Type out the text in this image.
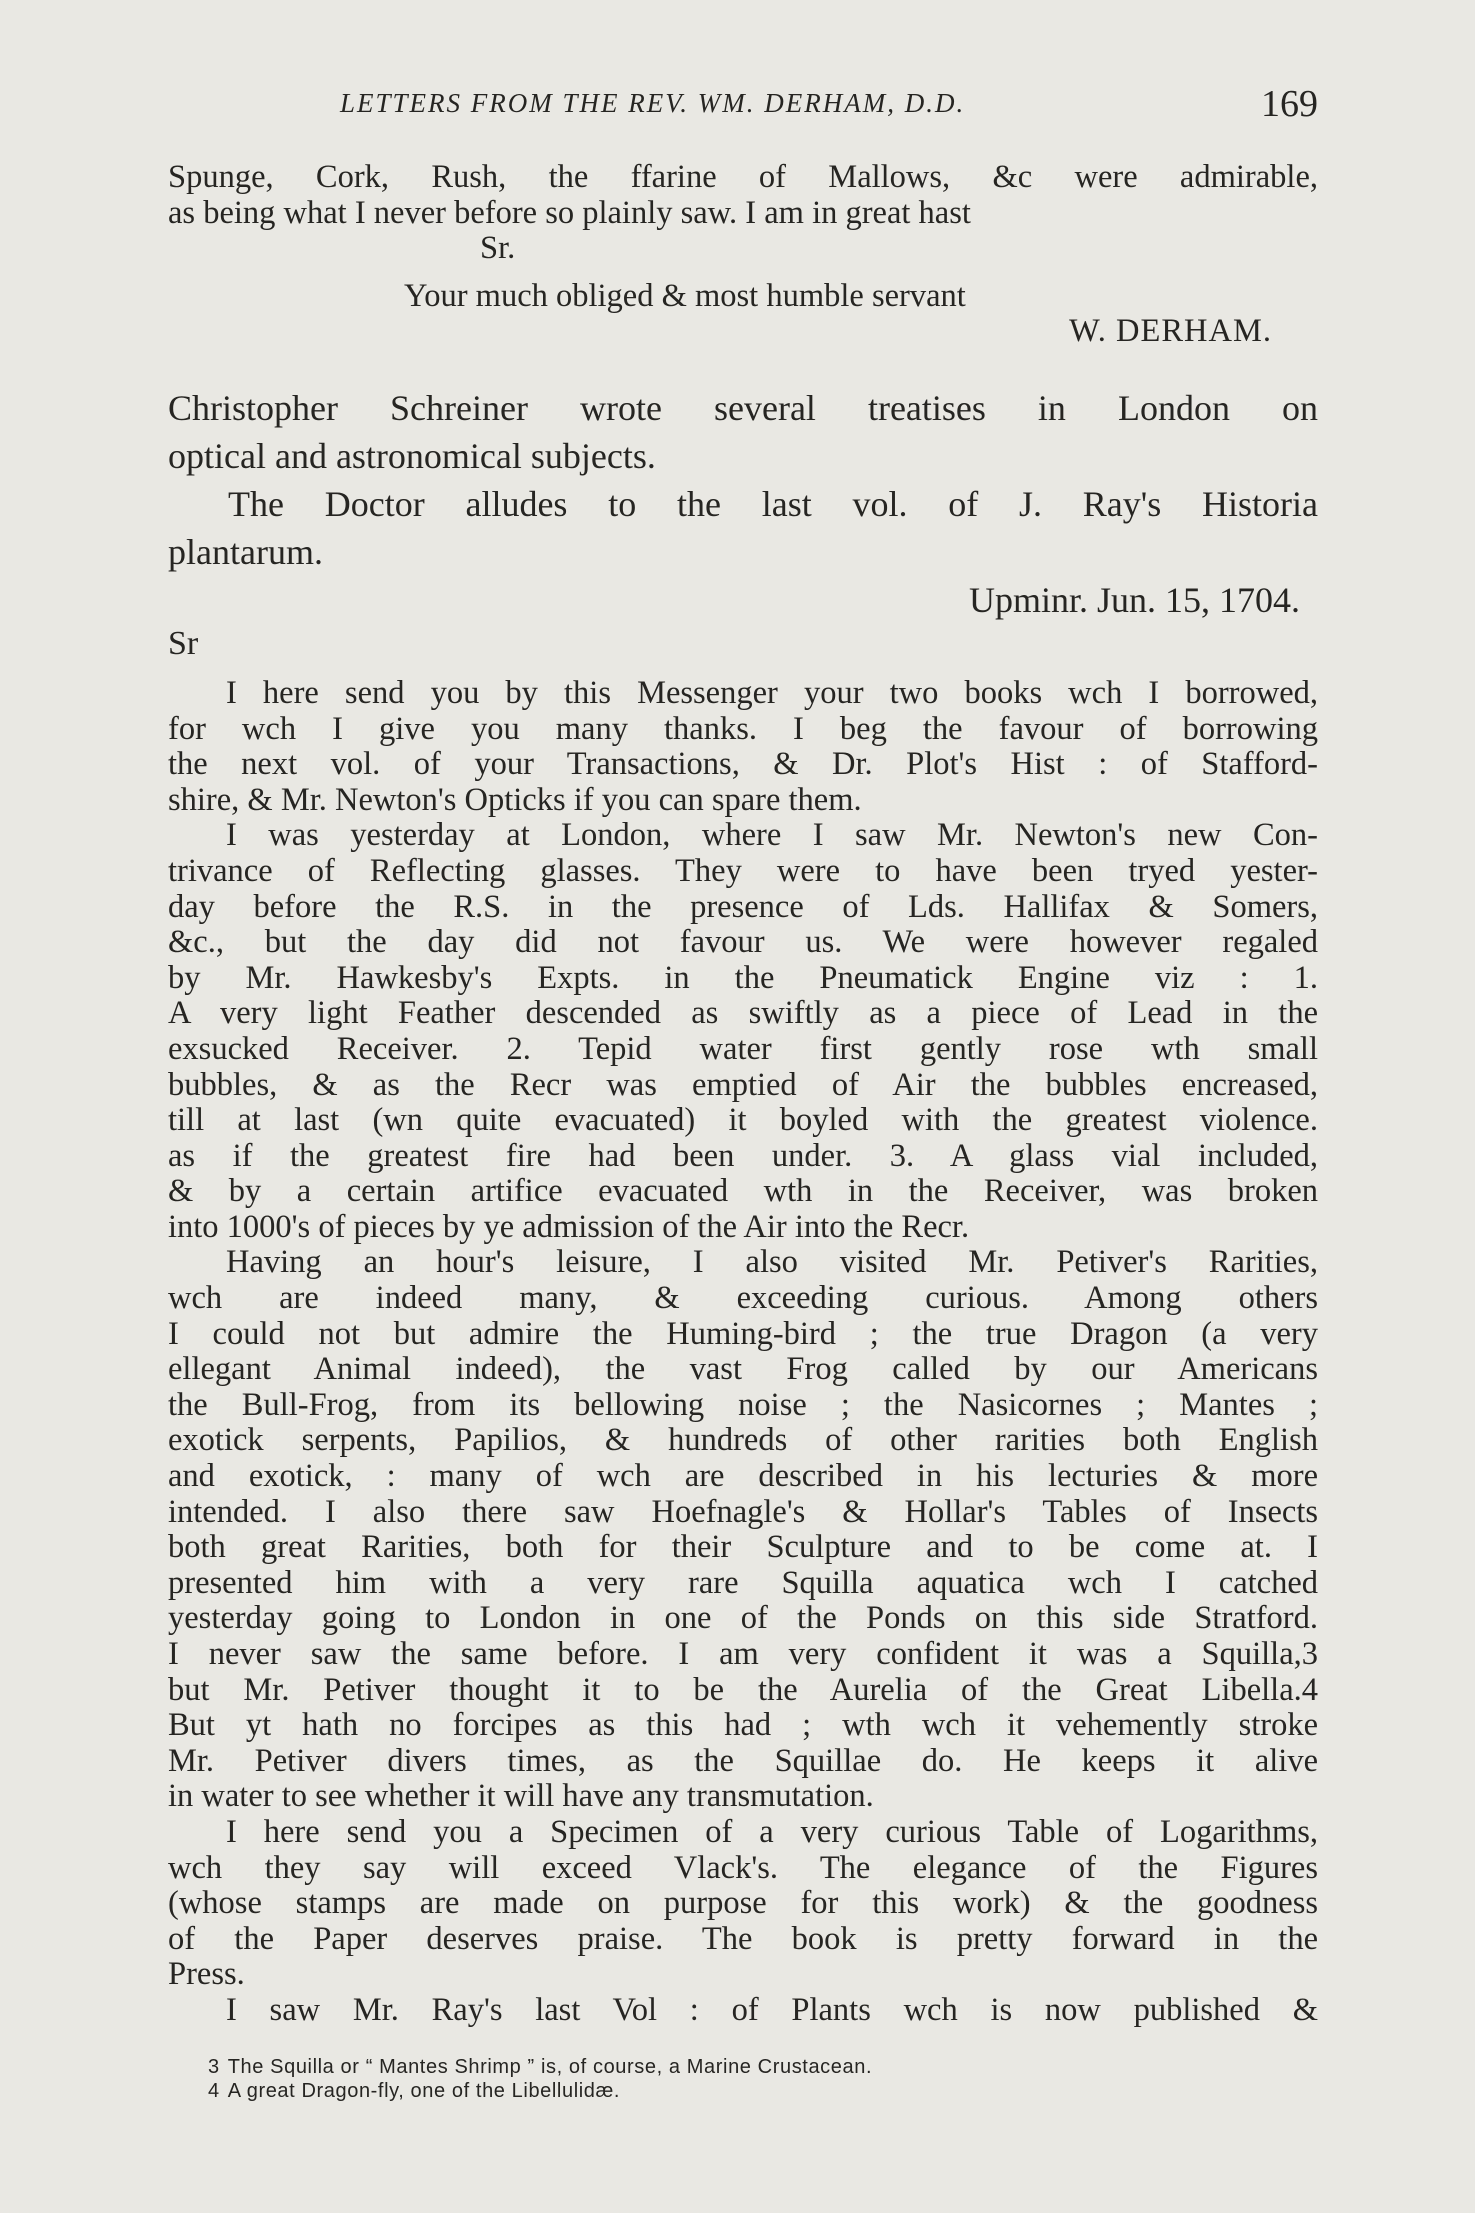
LETTERS FROM THE REV. WM. DERHAM, D.D.	169
Spunge, Cork, Rush, the ffarine of Mallows, &c were admirable,
as being what I never before so plainly saw. I am in great hast
Sr.
Your much obliged & most humble servant
W. DERHAM.
Christopher Schreiner wrote several treatises in London on
optical and astronomical subjects.
The Doctor alludes to the last vol. of J. Ray's Historia
plantarum.
Upminr. Jun. 15, 1704.
Sr
I here send you by this Messenger your two books wch I borrowed,
for wch I give you many thanks. I beg the favour of borrowing
the next vol. of your Transactions, & Dr. Plot's Hist : of Stafford-
shire, & Mr. Newton's Opticks if you can spare them.
I was yesterday at London, where I saw Mr. Newton's new Con-
trivance of Reflecting glasses. They were to have been tryed yester-
day before the R.S. in the presence of Lds. Hallifax & Somers,
&c., but the day did not favour us. We were however regaled
by Mr. Hawkesby's Expts. in the Pneumatick Engine viz : 1.
A very light Feather descended as swiftly as a piece of Lead in the
exsucked Receiver. 2. Tepid water first gently rose wth small
bubbles, & as the Recr was emptied of Air the bubbles encreased,
till at last (wn quite evacuated) it boyled with the greatest violence.
as if the greatest fire had been under. 3. A glass vial included,
& by a certain artifice evacuated wth in the Receiver, was broken
into 1000's of pieces by ye admission of the Air into the Recr.
Having an hour's leisure, I also visited Mr. Petiver's Rarities,
wch are indeed many, & exceeding curious. Among others
I could not but admire the Huming-bird ; the true Dragon (a very
ellegant Animal indeed), the vast Frog called by our Americans
the Bull-Frog, from its bellowing noise ; the Nasicornes ; Mantes ;
exotick serpents, Papilios, & hundreds of other rarities both English
and exotick, : many of wch are described in his lecturies & more
intended. I also there saw Hoefnagle's & Hollar's Tables of Insects
both great Rarities, both for their Sculpture and to be come at. I
presented him with a very rare Squilla aquatica wch I catched
yesterday going to London in one of the Ponds on this side Stratford.
I never saw the same before. I am very confident it was a Squilla,3
but Mr. Petiver thought it to be the Aurelia of the Great Libella.4
But yt hath no forcipes as this had ; wth wch it vehemently stroke
Mr. Petiver divers times, as the Squillae do. He keeps it alive
in water to see whether it will have any transmutation.
I here send you a Specimen of a very curious Table of Logarithms,
wch they say will exceed Vlack's. The elegance of the Figures
(whose stamps are made on purpose for this work) & the goodness
of the Paper deserves praise. The book is pretty forward in the
Press.
I saw Mr. Ray's last Vol : of Plants wch is now published &
3 The Squilla or “ Mantes Shrimp ” is, of course, a Marine Crustacean.
4 A great Dragon-fly, one of the Libellulidæ.
